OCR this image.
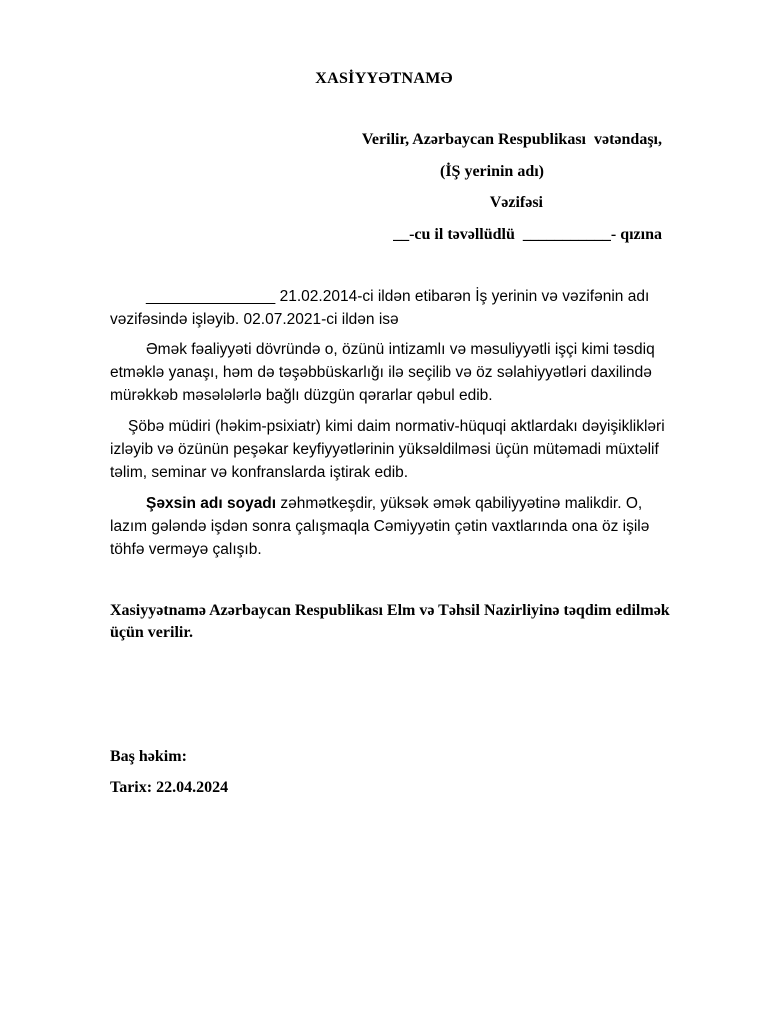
XASİYYƏTNAMƏ
Verilir, Azərbaycan Respublikası  vətəndaşı,
(İŞ yerinin adı)
Vəzifəsi
__-cu il təvəllüdlü  ___________- qızına
_______________ 21.02.2014-ci ildən etibarən İş yerinin və vəzifənin adı vəzifəsində işləyib. 02.07.2021-ci ildən isə
Əmək fəaliyyəti dövründə o, özünü intizamlı və məsuliyyətli işçi kimi təsdiq etməklə yanaşı, həm də təşəbbüskarlığı ilə seçilib və öz səlahiyyətləri daxilində mürəkkəb məsələlərlə bağlı düzgün qərarlar qəbul edib.
Şöbə müdiri (həkim-psixiatr) kimi daim normativ-hüquqi aktlardakı dəyişiklikləri izləyib və özünün peşəkar keyfiyyətlərinin yüksəldilməsi üçün mütəmadi müxtəlif təlim, seminar və konfranslarda iştirak edib.
Şəxsin adı soyadı zəhmətkeşdir, yüksək əmək qabiliyyətinə malikdir. O, lazım gələndə işdən sonra çalışmaqla Cəmiyyətin çətin vaxtlarında ona öz işilə töhfə verməyə çalışıb.
Xasiyyətnamə Azərbaycan Respublikası Elm və Təhsil Nazirliyinə təqdim edilmək üçün verilir.
Baş həkim:
Tarix: 22.04.2024
